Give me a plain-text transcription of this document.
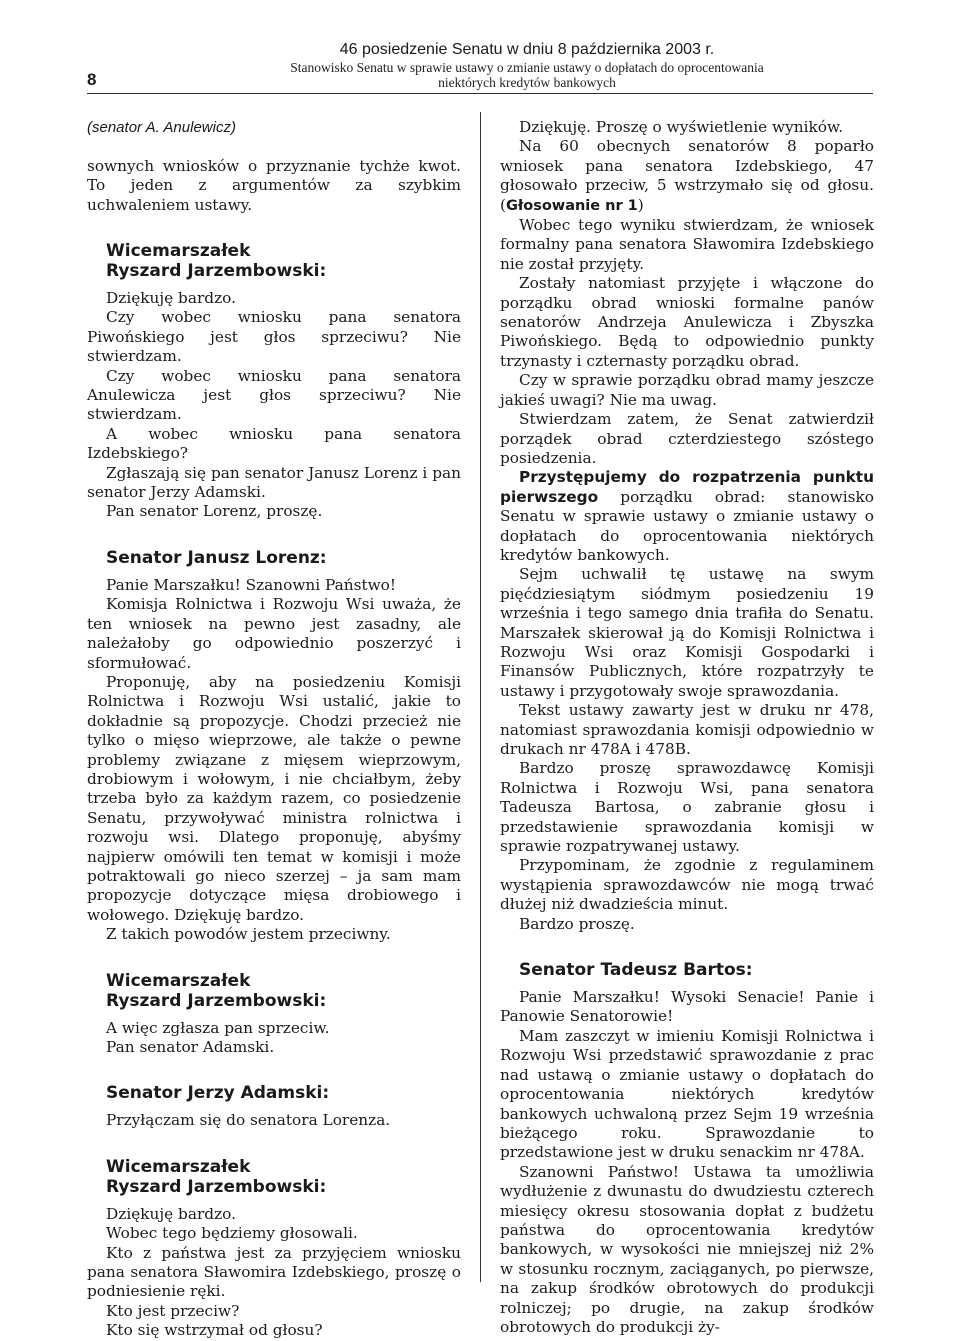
8
46 posiedzenie Senatu w dniu 8 października 2003 r.
Stanowisko Senatu w sprawie ustawy o zmianie ustawy o dopłatach do oprocentowania
niektórych kredytów bankowych

(senator A. Anulewicz)

sownych wniosków o przyznanie tychże kwot. To jeden z argumentów za szybkim uchwaleniem ustawy.

Wicemarszałek
Ryszard Jarzembowski:

Dziękuję bardzo.

Czy wobec wniosku pana senatora Piwońskiego jest głos sprzeciwu? Nie stwierdzam.

Czy wobec wniosku pana senatora Anulewicza jest głos sprzeciwu? Nie stwierdzam.

A wobec wniosku pana senatora Izdebskiego?

Zgłaszają się pan senator Janusz Lorenz i pan senator Jerzy Adamski.

Pan senator Lorenz, proszę.

Senator Janusz Lorenz:

Panie Marszałku! Szanowni Państwo!

Komisja Rolnictwa i Rozwoju Wsi uważa, że ten wniosek na pewno jest zasadny, ale należałoby go odpowiednio poszerzyć i sformułować.

Proponuję, aby na posiedzeniu Komisji Rolnictwa i Rozwoju Wsi ustalić, jakie to dokładnie są propozycje. Chodzi przecież nie tylko o mięso wieprzowe, ale także o pewne problemy związane z mięsem wieprzowym, drobiowym i wołowym, i nie chciałbym, żeby trzeba było za każdym razem, co posiedzenie Senatu, przywoływać ministra rolnictwa i rozwoju wsi. Dlatego proponuję, abyśmy najpierw omówili ten temat w komisji i może potraktowali go nieco szerzej – ja sam mam propozycje dotyczące mięsa drobiowego i wołowego. Dziękuję bardzo.

Z takich powodów jestem przeciwny.

Wicemarszałek
Ryszard Jarzembowski:

A więc zgłasza pan sprzeciw.

Pan senator Adamski.

Senator Jerzy Adamski:

Przyłączam się do senatora Lorenza.

Wicemarszałek
Ryszard Jarzembowski:

Dziękuję bardzo.

Wobec tego będziemy głosowali.

Kto z państwa jest za przyjęciem wniosku pana senatora Sławomira Izdebskiego, proszę o podniesienie ręki.

Kto jest przeciw?

Kto się wstrzymał od głosu?

Dziękuję. Proszę o wyświetlenie wyników.

Na 60 obecnych senatorów 8 poparło wniosek pana senatora Izdebskiego, 47 głosowało przeciw, 5 wstrzymało się od głosu. (Głosowanie nr 1)

Wobec tego wyniku stwierdzam, że wniosek formalny pana senatora Sławomira Izdebskiego nie został przyjęty.

Zostały natomiast przyjęte i włączone do porządku obrad wnioski formalne panów senatorów Andrzeja Anulewicza i Zbyszka Piwońskiego. Będą to odpowiednio punkty trzynasty i czternasty porządku obrad.

Czy w sprawie porządku obrad mamy jeszcze jakieś uwagi? Nie ma uwag.

Stwierdzam zatem, że Senat zatwierdził porządek obrad czterdziestego szóstego posiedzenia.

Przystępujemy do rozpatrzenia punktu pierwszego porządku obrad: stanowisko Senatu w sprawie ustawy o zmianie ustawy o dopłatach do oprocentowania niektórych kredytów bankowych.

Sejm uchwalił tę ustawę na swym pięćdziesiątym siódmym posiedzeniu 19 września i tego samego dnia trafiła do Senatu. Marszałek skierował ją do Komisji Rolnictwa i Rozwoju Wsi oraz Komisji Gospodarki i Finansów Publicznych, które rozpatrzyły te ustawy i przygotowały swoje sprawozdania.

Tekst ustawy zawarty jest w druku nr 478, natomiast sprawozdania komisji odpowiednio w drukach nr 478A i 478B.

Bardzo proszę sprawozdawcę Komisji Rolnictwa i Rozwoju Wsi, pana senatora Tadeusza Bartosa, o zabranie głosu i przedstawienie sprawozdania komisji w sprawie rozpatrywanej ustawy.

Przypominam, że zgodnie z regulaminem wystąpienia sprawozdawców nie mogą trwać dłużej niż dwadzieścia minut.

Bardzo proszę.

Senator Tadeusz Bartos:

Panie Marszałku! Wysoki Senacie! Panie i Panowie Senatorowie!

Mam zaszczyt w imieniu Komisji Rolnictwa i Rozwoju Wsi przedstawić sprawozdanie z prac nad ustawą o zmianie ustawy o dopłatach do oprocentowania niektórych kredytów bankowych uchwaloną przez Sejm 19 września bieżącego roku. Sprawozdanie to przedstawione jest w druku senackim nr 478A.

Szanowni Państwo! Ustawa ta umożliwia wydłużenie z dwunastu do dwudziestu czterech miesięcy okresu stosowania dopłat z budżetu państwa do oprocentowania kredytów bankowych, w wysokości nie mniejszej niż 2% w stosunku rocznym, zaciąganych, po pierwsze, na zakup środków obrotowych do produkcji rolniczej; po drugie, na zakup środków obrotowych do produkcji ży-
